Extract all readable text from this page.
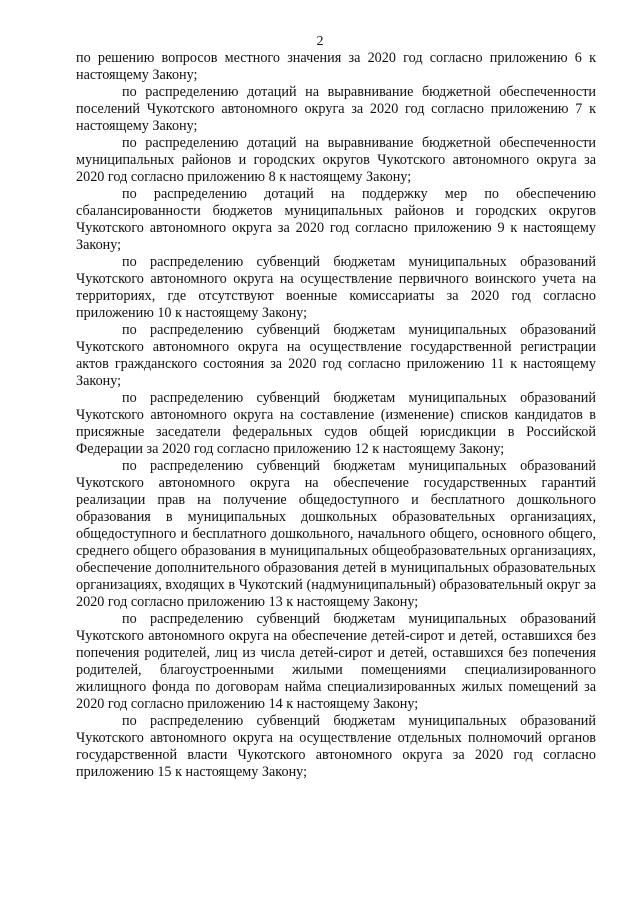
2

по решению вопросов местного значения за 2020 год согласно приложению 6 к настоящему Закону;

по распределению дотаций на выравнивание бюджетной обеспеченности поселений Чукотского автономного округа за 2020 год согласно приложению 7 к настоящему Закону;

по распределению дотаций на выравнивание бюджетной обеспеченности муниципальных районов и городских округов Чукотского автономного округа за 2020 год согласно приложению 8 к настоящему Закону;

по распределению дотаций на поддержку мер по обеспечению сбалансированности бюджетов муниципальных районов и городских округов Чукотского автономного округа за 2020 год согласно приложению 9 к настоящему Закону;

по распределению субвенций бюджетам муниципальных образований Чукотского автономного округа на осуществление первичного воинского учета на территориях, где отсутствуют военные комиссариаты за 2020 год согласно приложению 10 к настоящему Закону;

по распределению субвенций бюджетам муниципальных образований Чукотского автономного округа на осуществление государственной регистрации актов гражданского состояния за 2020 год согласно приложению 11 к настоящему Закону;

по распределению субвенций бюджетам муниципальных образований Чукотского автономного округа на составление (изменение) списков кандидатов в присяжные заседатели федеральных судов общей юрисдикции в Российской Федерации за 2020 год согласно приложению 12 к настоящему Закону;

по распределению субвенций бюджетам муниципальных образований Чукотского автономного округа на обеспечение государственных гарантий реализации прав на получение общедоступного и бесплатного дошкольного образования в муниципальных дошкольных образовательных организациях, общедоступного и бесплатного дошкольного, начального общего, основного общего, среднего общего образования в муниципальных общеобразовательных организациях, обеспечение дополнительного образования детей в муниципальных образовательных организациях, входящих в Чукотский (надмуниципальный) образовательный округ за 2020 год согласно приложению 13 к настоящему Закону;

по распределению субвенций бюджетам муниципальных образований Чукотского автономного округа на обеспечение детей-сирот и детей, оставшихся без попечения родителей, лиц из числа детей-сирот и детей, оставшихся без попечения родителей, благоустроенными жилыми помещениями специализированного жилищного фонда по договорам найма специализированных жилых помещений за 2020 год согласно приложению 14 к настоящему Закону;

по распределению субвенций бюджетам муниципальных образований Чукотского автономного округа на осуществление отдельных полномочий органов государственной власти Чукотского автономного округа за 2020 год согласно приложению 15 к настоящему Закону;
